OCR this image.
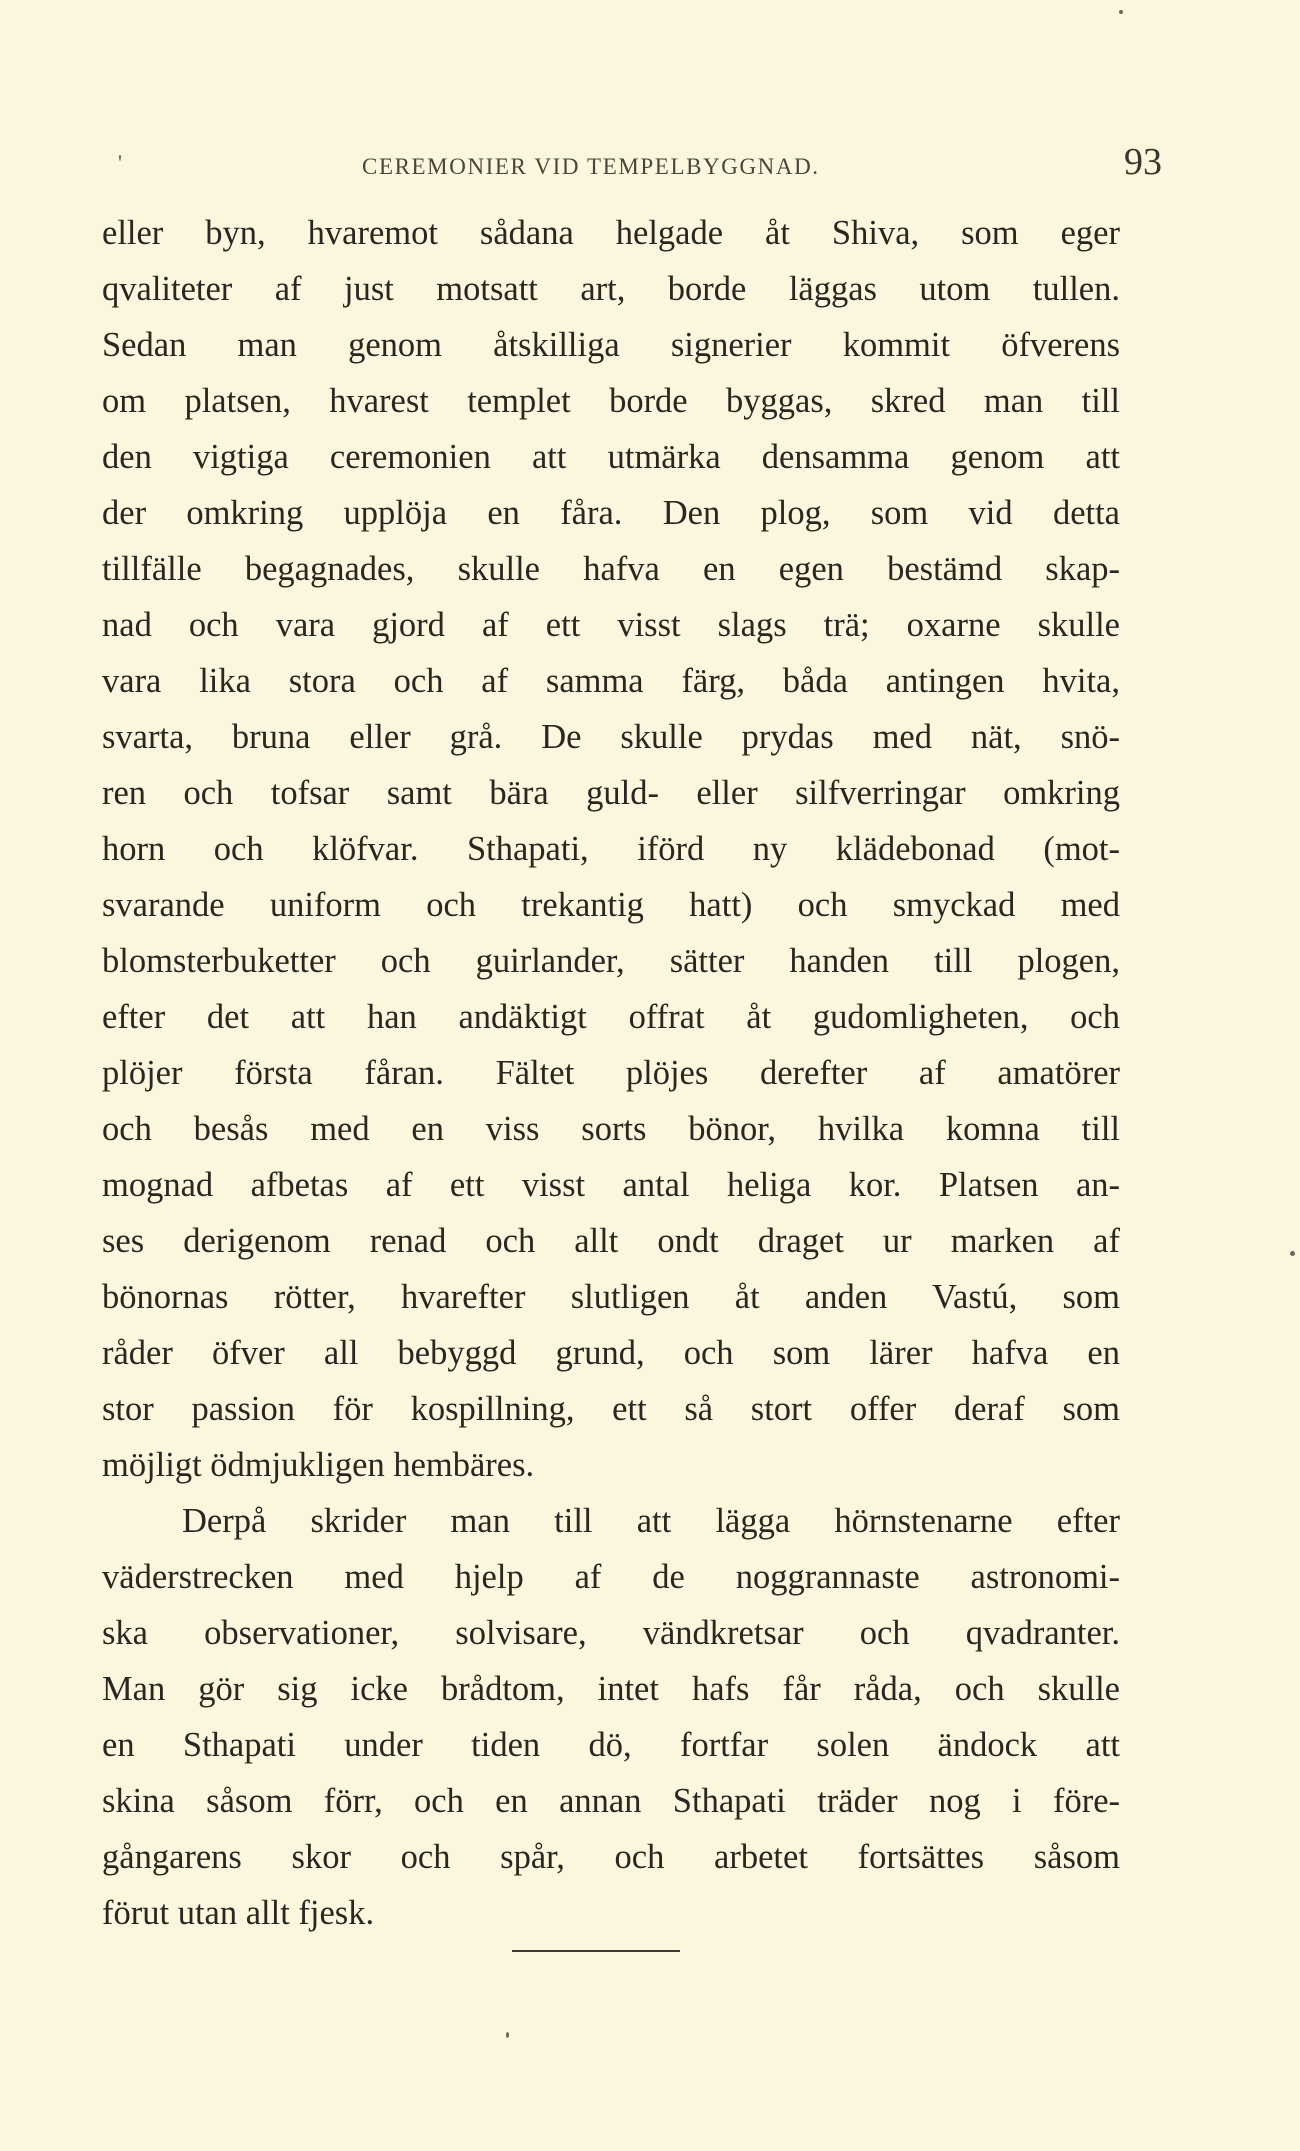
'	CEREMONIER VID TEMPELBYGGNAD.	93
eller byn, hvaremot sådana helgade åt Shiva, som eger
qvaliteter af just motsatt art, borde läggas utom tullen.
Sedan man genom åtskilliga signerier kommit öfverens
om platsen, hvarest templet borde byggas, skred man till
den vigtiga ceremonien att utmärka densamma genom att
der omkring upplöja en fåra. Den plog, som vid detta
tillfälle begagnades, skulle hafva en egen bestämd skap-
nad och vara gjord af ett visst slags trä; oxarne skulle
vara lika stora och af samma färg, båda antingen hvita,
svarta, bruna eller grå. De skulle prydas med nät, snö-
ren och tofsar samt bära guld- eller silfverringar omkring
horn och klöfvar. Sthapati, iförd ny klädebonad (mot-
svarande uniform och trekantig hatt) och smyckad med
blomsterbuketter och guirlander, sätter handen till plogen,
efter det att han andäktigt offrat åt gudomligheten, och
plöjer första fåran. Fältet plöjes derefter af amatörer
och besås med en viss sorts bönor, hvilka komna till
mognad afbetas af ett visst antal heliga kor. Platsen an-
ses derigenom renad och allt ondt draget ur marken af
bönornas rötter, hvarefter slutligen åt anden Vastú, som
råder öfver all bebyggd grund, och som lärer hafva en
stor passion för kospillning, ett så stort offer deraf som
möjligt ödmjukligen hembäres.
Derpå skrider man till att lägga hörnstenarne efter
väderstrecken med hjelp af de noggrannaste astronomi-
ska observationer, solvisare, vändkretsar och qvadranter.
Man gör sig icke brådtom, intet hafs får råda, och skulle
en Sthapati under tiden dö, fortfar solen ändock att
skina såsom förr, och en annan Sthapati träder nog i före-
gångarens skor och spår, och arbetet fortsättes såsom
förut utan allt fjesk.
